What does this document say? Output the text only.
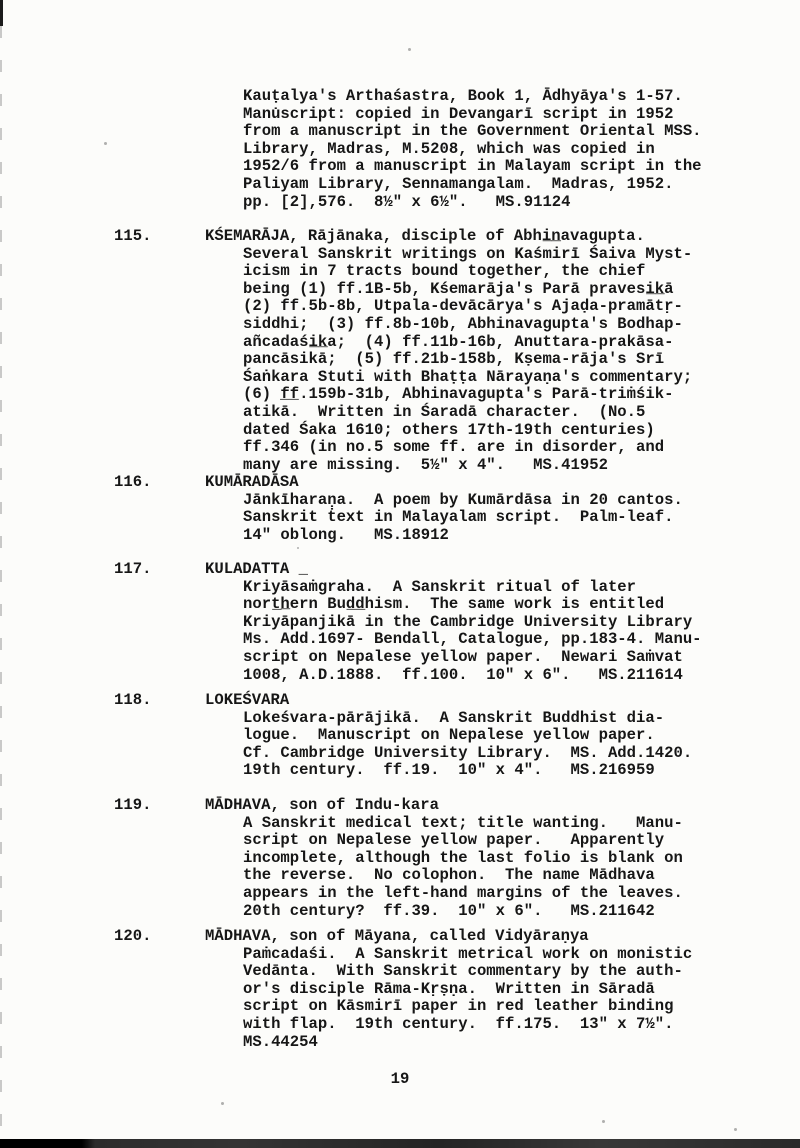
Kauṭalya's Arthaśastra, Book 1, Ādhyāya's 1-57.
Manu̇script: copied in Devangarī script in 1952
from a manuscript in the Government Oriental MSS.
Library, Madras, M.5208, which was copied in
1952/6 from a manuscript in Malayam script in the
Paliyam Library, Sennamangalam.  Madras, 1952.
pp. [2],576.  8½" x 6½".   MS.91124
115.	KŚEMARĀJA, Rājānaka, disciple of Abhi̲n̲avagupta.
Several Sanskrit writings on Kaśmirī Śaiva Myst-
icism in 7 tracts bound together, the chief
being (1) ff.1B-5b, Kśemarāja's Parā pravesi̲k̲ā
(2) ff.5b-8b, Utpala-devācārya's Ajaḍa-pramātṛ-
siddhi;  (3) ff.8b-10b, Abhinavagupta's Bodhap-
añcadaśi̲k̲a;  (4) ff.11b-16b, Anuttara-prakāsa-
pancāsikā;  (5) ff.21b-158b, Kṣema-rāja's Srī
Śaṅkara Stuti with Bhaṭṭa Nārayaṇa's commentary;
(6) f̲f̲.159b-31b, Abhinavagupta's Parā-triṁśik-
atikā.  Written in Śaradā character.  (No.5
dated Śaka 1610; others 17th-19th centuries)
ff.346 (in no.5 some ff. are in disorder, and
many are missing.  5½" x 4".   MS.41952
116.	KUMĀRADĀSA
Jānkīharaṇa.  A poem by Kumārdāsa in 20 cantos.
Sanskrit ṫext in Malayalam script.  Palm-leaf.
14" oblong.   MS.18912
117.	KULADATTA _
Kriyāsaṁgraha.  A Sanskrit ritual of later
nort̲h̲ern Bud̲d̲hism.  The same work is entitled
Kriyāpanjikā in the Cambridge University Library
Ms. Add.1697- Bendall, Catalogue, pp.183-4. Manu-
script on Nepalese yellow paper.  Newari Saṁvat
1008, A.D.1888.  ff.100.  10" x 6".   MS.211614
118.	LOKEŚVARA
Lokeśvara-pārājikā.  A Sanskrit Buddhist dia-
logue.  Manuscript on Nepalese yellow paper.
Cf. Cambridge University Library.  MS. Add.1420.
19th century.  ff.19.  10" x 4".   MS.216959
119.	MĀDHAVA, son of Indu-kara
A Sanskrit medical text; title wanting.   Manu-
script on Nepalese yellow paper.   Apparently
incomplete, although the last folio is blank on
the reverse.  No colophon.  The name Mādhava
appears in the left-hand margins of the leaves.
20th century?  ff.39.  10" x 6".   MS.211642
120.	MĀDHAVA, son of Māyana, called Vidyāraṇya
Paṁcadaśi.  A Sanskrit metrical work on monistic
Vedānta.  With Sanskrit commentary by the auth-
or's disciple Rāma-Kṛṣṇa.  Written in Sāradā
script on Kāsmirī paper in red leather binding
with flap.  19th century.  ff.175.  13" x 7½".
MS.44254
19
